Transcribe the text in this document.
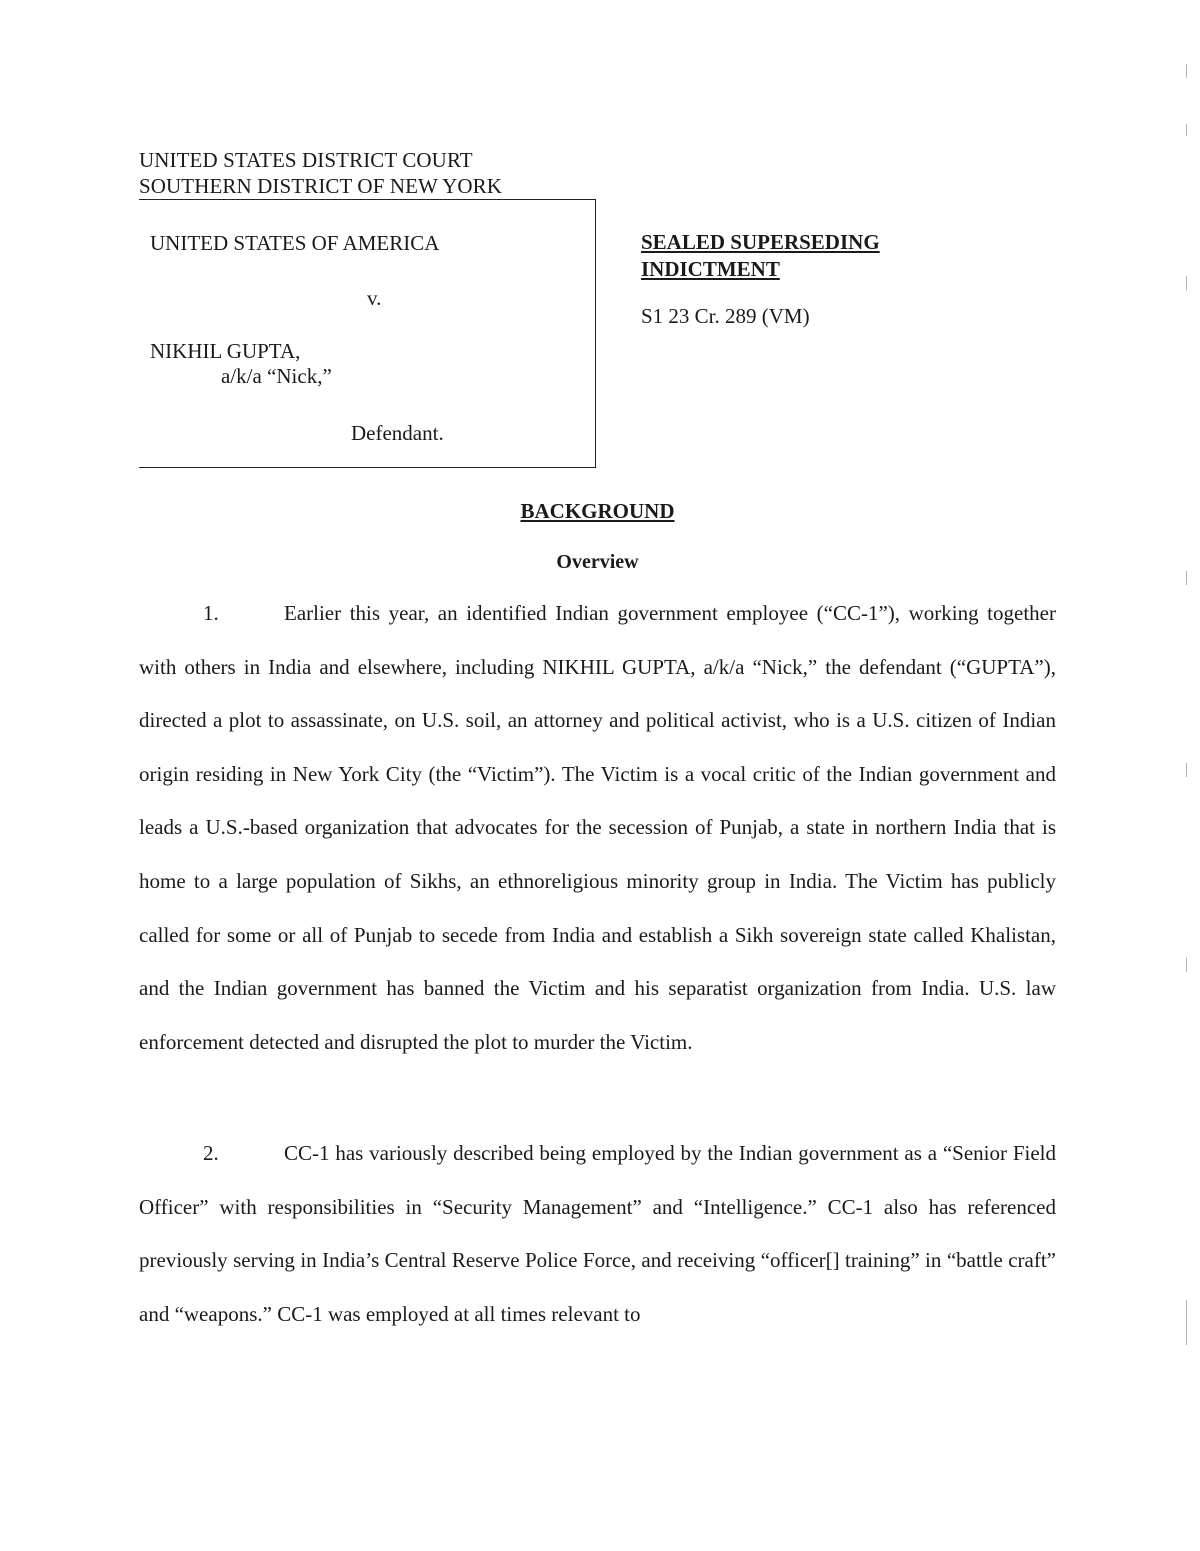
UNITED STATES DISTRICT COURT
SOUTHERN DISTRICT OF NEW YORK
UNITED STATES OF AMERICA
v.
NIKHIL GUPTA,
a/k/a “Nick,”
Defendant.
SEALED SUPERSEDING INDICTMENT
S1 23 Cr. 289 (VM)
BACKGROUND
Overview
1.	Earlier this year, an identified Indian government employee (“CC-1”), working together with others in India and elsewhere, including NIKHIL GUPTA, a/k/a “Nick,” the defendant (“GUPTA”), directed a plot to assassinate, on U.S. soil, an attorney and political activist, who is a U.S. citizen of Indian origin residing in New York City (the “Victim”). The Victim is a vocal critic of the Indian government and leads a U.S.-based organization that advocates for the secession of Punjab, a state in northern India that is home to a large population of Sikhs, an ethnoreligious minority group in India. The Victim has publicly called for some or all of Punjab to secede from India and establish a Sikh sovereign state called Khalistan, and the Indian government has banned the Victim and his separatist organization from India. U.S. law enforcement detected and disrupted the plot to murder the Victim.
2.	CC-1 has variously described being employed by the Indian government as a “Senior Field Officer” with responsibilities in “Security Management” and “Intelligence.” CC-1 also has referenced previously serving in India’s Central Reserve Police Force, and receiving “officer[] training” in “battle craft” and “weapons.” CC-1 was employed at all times relevant to
